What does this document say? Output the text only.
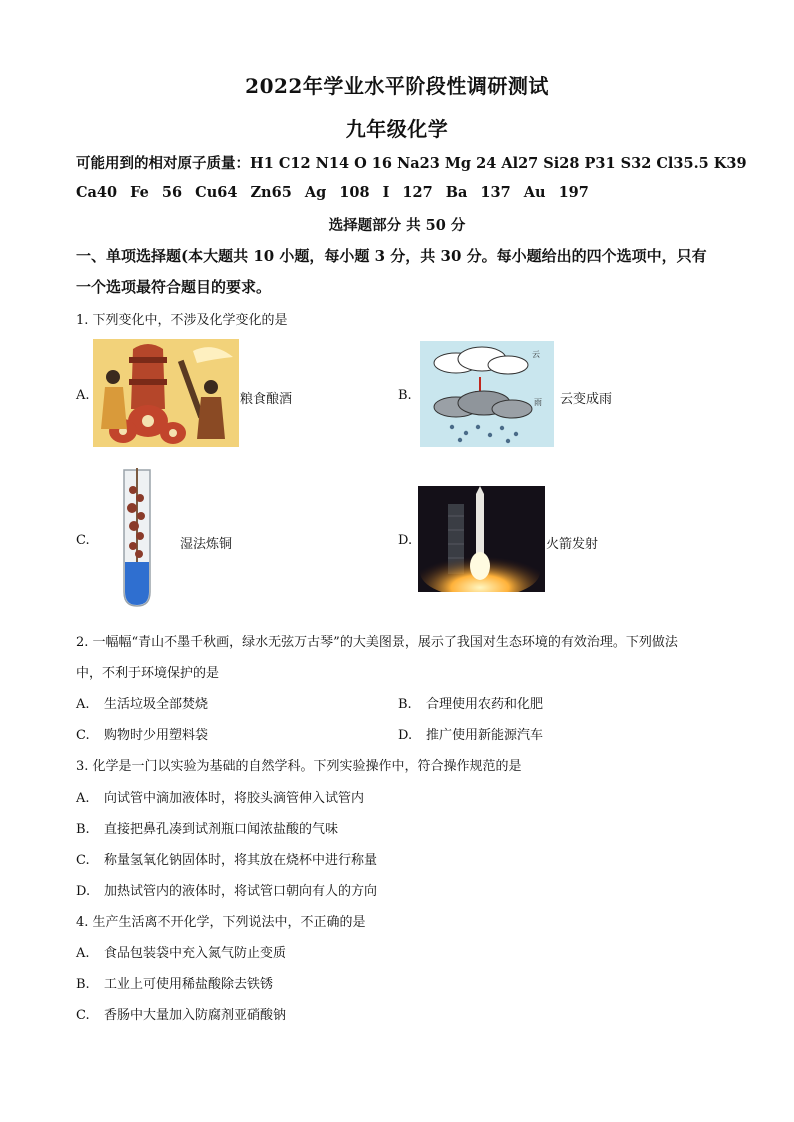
2022年学业水平阶段性调研测试
九年级化学
可能用到的相对原子质量：H1 C12 N14 O 16 Na23 Mg 24 Al27 Si28 P31 S32 Cl35.5 K39
Ca40 Fe 56 Cu64 Zn65 Ag 108 I 127 Ba 137 Au 197
选择题部分 共 50 分
一、单项选择题(本大题共 10 小题，每小题 3 分，共 30 分。每小题给出的四个选项中，只有
一个选项最符合题目的要求。
1. 下列变化中，不涉及化学变化的是
A.	粮食酿酒	B.
云
雨 云变成雨
C.	湿法炼铜	D.	火箭发射
2. 一幅幅“青山不墨千秋画，绿水无弦万古琴”的大美图景，展示了我国对生态环境的有效治理。下列做法
中，不利于环境保护的是
A. 生活垃圾全部焚烧	B. 合理使用农药和化肥
C. 购物时少用塑料袋	D. 推广使用新能源汽车
3. 化学是一门以实验为基础的自然学科。下列实验操作中，符合操作规范的是
A. 向试管中滴加液体时，将胶头滴管伸入试管内
B. 直接把鼻孔凑到试剂瓶口闻浓盐酸的气味
C. 称量氢氧化钠固体时，将其放在烧杯中进行称量
D. 加热试管内的液体时，将试管口朝向有人的方向
4. 生产生活离不开化学，下列说法中，不正确的是
A. 食品包装袋中充入氮气防止变质
B. 工业上可使用稀盐酸除去铁锈
C. 香肠中大量加入防腐剂亚硝酸钠
